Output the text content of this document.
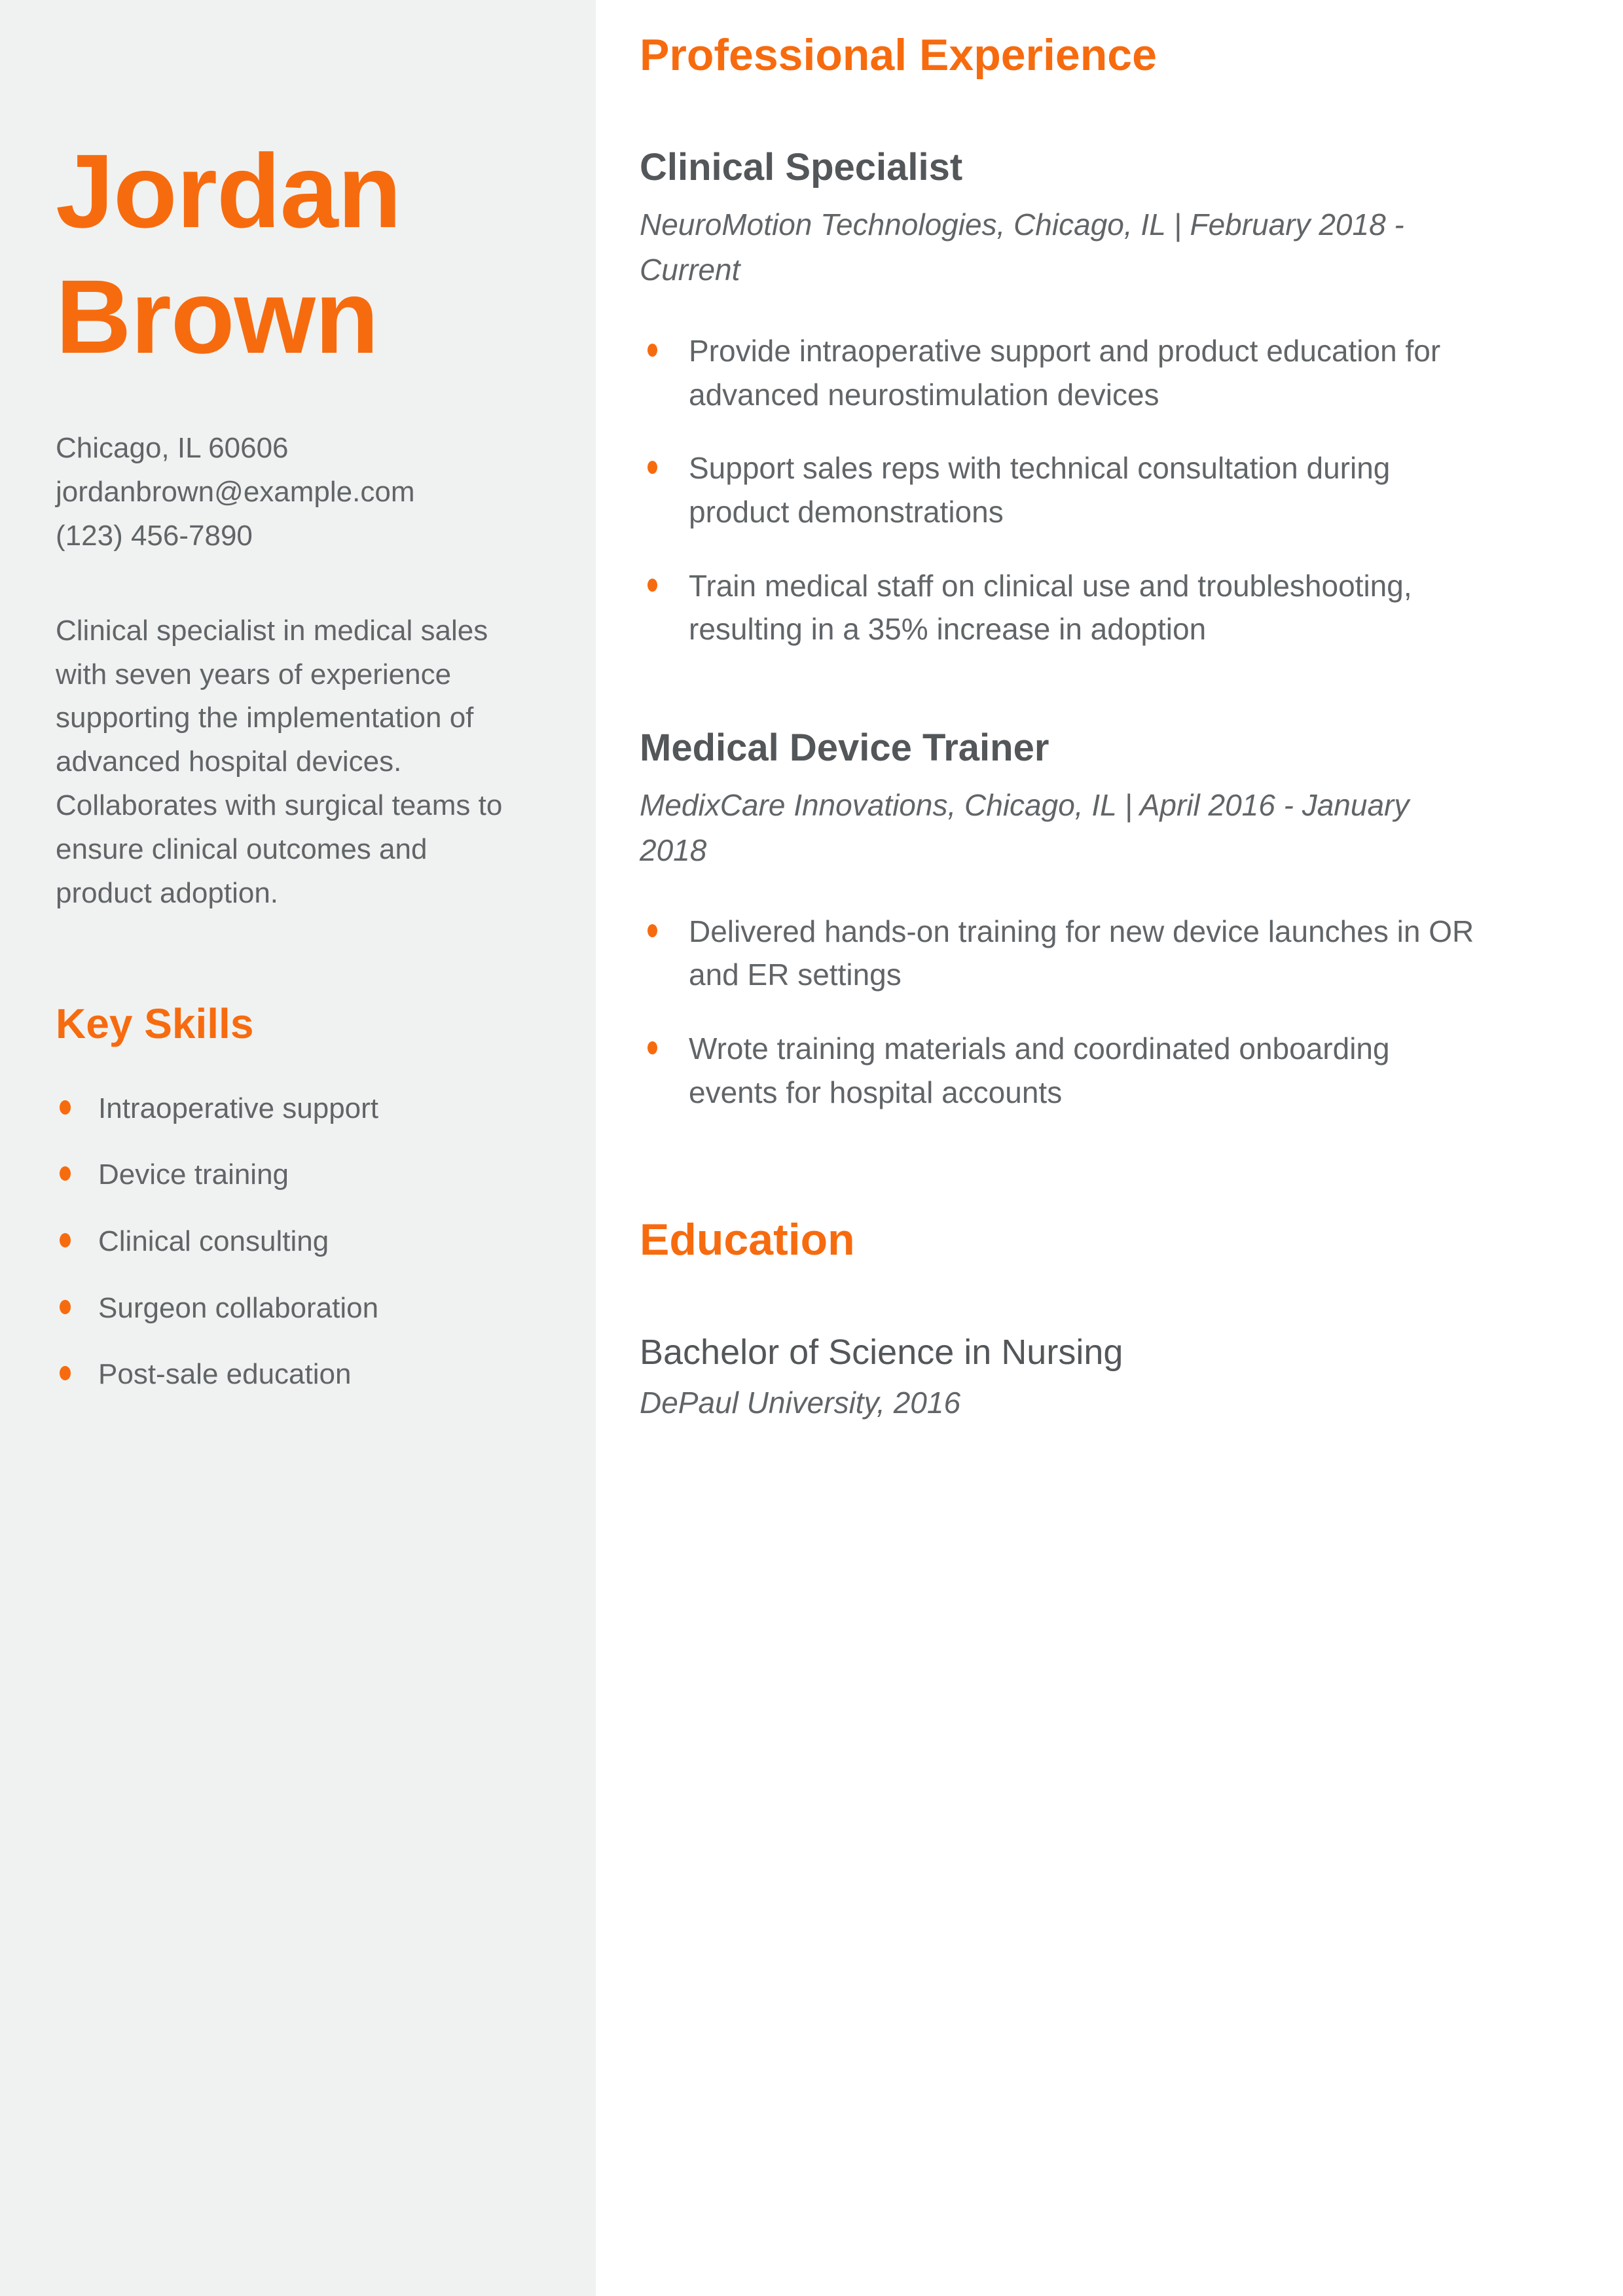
Jordan
Brown
Chicago, IL 60606
jordanbrown@example.com
(123) 456-7890

Clinical specialist in medical sales with seven years of experience supporting the implementation of advanced hospital devices. Collaborates with surgical teams to ensure clinical outcomes and product adoption.

Key Skills
Intraoperative support
Device training
Clinical consulting
Surgeon collaboration
Post-sale education
Professional Experience
Clinical Specialist
NeuroMotion Technologies, Chicago, IL | February 2018 - Current
Provide intraoperative support and product education for advanced neurostimulation devices
Support sales reps with technical consultation during product demonstrations
Train medical staff on clinical use and troubleshooting, resulting in a 35% increase in adoption
Medical Device Trainer
MedixCare Innovations, Chicago, IL | April 2016 - January 2018
Delivered hands-on training for new device launches in OR and ER settings
Wrote training materials and coordinated onboarding events for hospital accounts
Education
Bachelor of Science in Nursing
DePaul University, 2016
